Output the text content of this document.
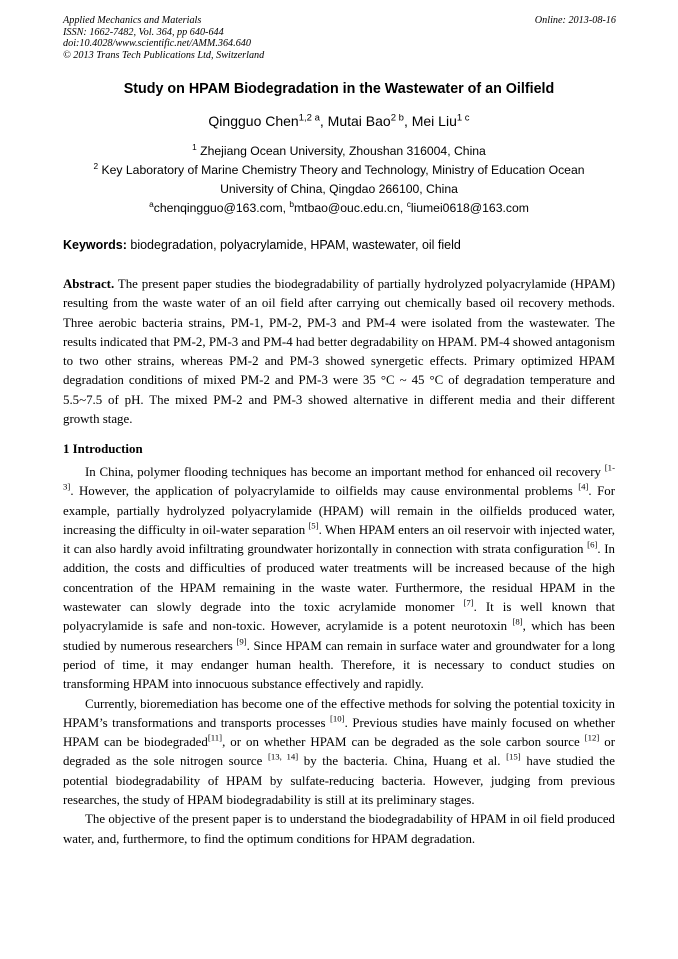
Applied Mechanics and Materials
ISSN: 1662-7482, Vol. 364, pp 640-644
doi:10.4028/www.scientific.net/AMM.364.640
© 2013 Trans Tech Publications Ltd, Switzerland
Online: 2013-08-16
Study on HPAM Biodegradation in the Wastewater of an Oilfield
Qingguo Chen$^{1,2 a}$, Mutai Bao$^{2 b}$, Mei Liu$^{1 c}$
$^1$ Zhejiang Ocean University, Zhoushan 316004, China
$^2$ Key Laboratory of Marine Chemistry Theory and Technology, Ministry of Education Ocean
University of China, Qingdao 266100, China
$^a$chenqingguo@163.com, $^b$mtbao@ouc.edu.cn, $^c$liumei0618@163.com
Keywords: biodegradation, polyacrylamide, HPAM, wastewater, oil field
Abstract. The present paper studies the biodegradability of partially hydrolyzed polyacrylamide (HPAM) resulting from the waste water of an oil field after carrying out chemically based oil recovery methods. Three aerobic bacteria strains, PM-1, PM-2, PM-3 and PM-4 were isolated from the wastewater. The results indicated that PM-2, PM-3 and PM-4 had better degradability on HPAM. PM-4 showed antagonism to two other strains, whereas PM-2 and PM-3 showed synergetic effects. Primary optimized HPAM degradation conditions of mixed PM-2 and PM-3 were 35 °C ~ 45 °C of degradation temperature and 5.5~7.5 of pH. The mixed PM-2 and PM-3 showed alternative in different media and their different growth stage.
1 Introduction

In China, polymer flooding techniques has become an important method for enhanced oil recovery [1-3]. However, the application of polyacrylamide to oilfields may cause environmental problems [4]. For example, partially hydrolyzed polyacrylamide (HPAM) will remain in the oilfields produced water, increasing the difficulty in oil-water separation [5]. When HPAM enters an oil reservoir with injected water, it can also hardly avoid infiltrating groundwater horizontally in connection with strata configuration [6]. In addition, the costs and difficulties of produced water treatments will be increased because of the high concentration of the HPAM remaining in the waste water. Furthermore, the residual HPAM in the wastewater can slowly degrade into the toxic acrylamide monomer [7]. It is well known that polyacrylamide is safe and non-toxic. However, acrylamide is a potent neurotoxin [8], which has been studied by numerous researchers [9]. Since HPAM can remain in surface water and groundwater for a long period of time, it may endanger human health. Therefore, it is necessary to conduct studies on transforming HPAM into innocuous substance effectively and rapidly.

Currently, bioremediation has become one of the effective methods for solving the potential toxicity in HPAM’s transformations and transports processes [10]. Previous studies have mainly focused on whether HPAM can be biodegraded[11], or on whether HPAM can be degraded as the sole carbon source [12] or degraded as the sole nitrogen source [13, 14] by the bacteria. China, Huang et al. [15] have studied the potential biodegradability of HPAM by sulfate-reducing bacteria. However, judging from previous researches, the study of HPAM biodegradability is still at its preliminary stages.

The objective of the present paper is to understand the biodegradability of HPAM in oil field produced water, and, furthermore, to find the optimum conditions for HPAM degradation.
